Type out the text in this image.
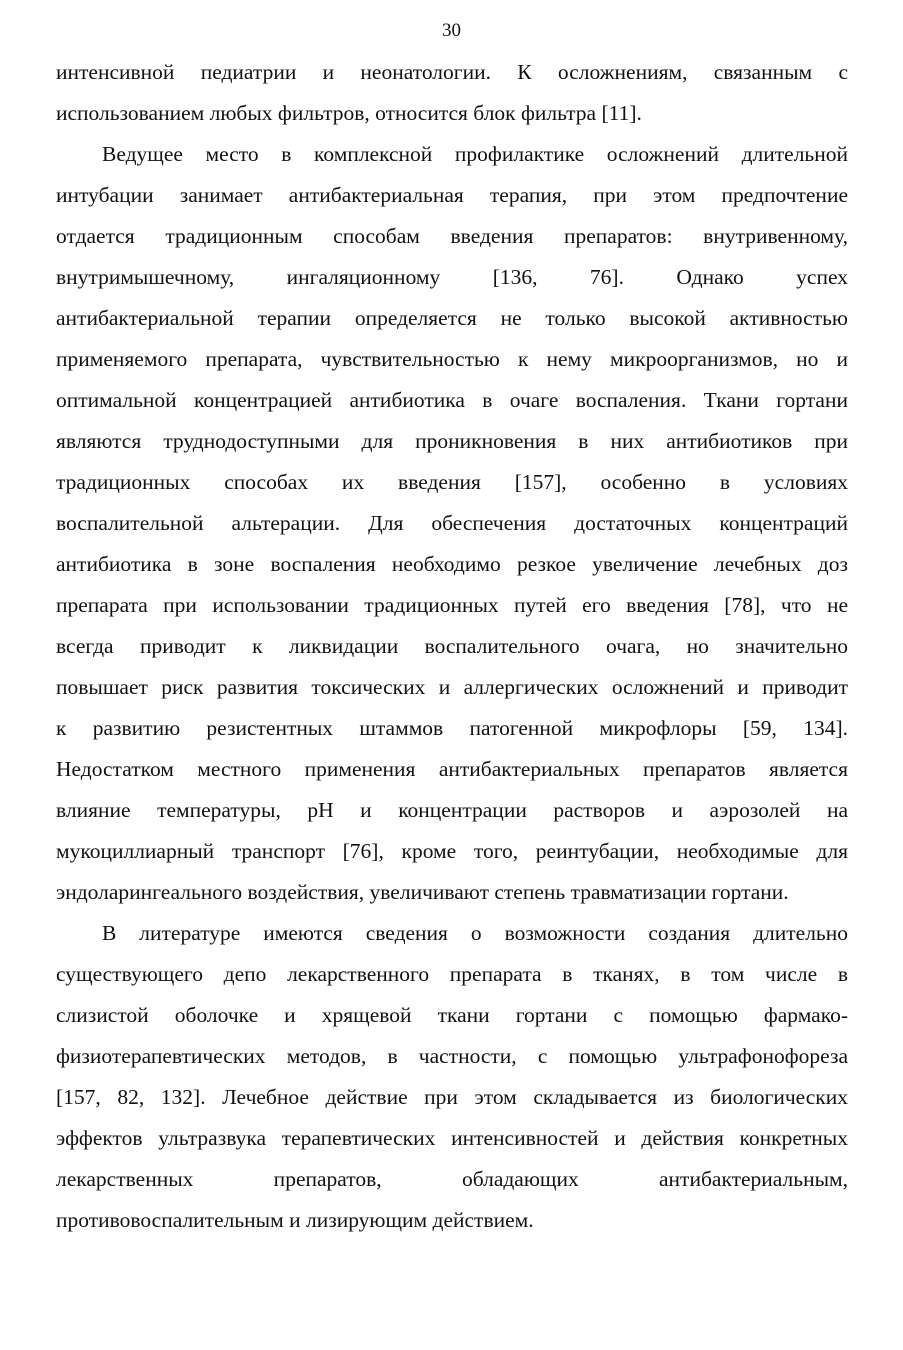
30
интенсивной педиатрии и неонатологии. К осложнениям, связанным с
использованием любых фильтров, относится блок фильтра [11].
Ведущее место в комплексной профилактике осложнений длительной
интубации занимает антибактериальная терапия, при этом предпочтение
отдается традиционным способам введения препаратов: внутривенному,
внутримышечному, ингаляционному [136, 76]. Однако успех
антибактериальной терапии определяется не только высокой активностью
применяемого препарата, чувствительностью к нему микроорганизмов, но и
оптимальной концентрацией антибиотика в очаге воспаления. Ткани гортани
являются труднодоступными для проникновения в них антибиотиков при
традиционных способах их введения [157], особенно в условиях
воспалительной альтерации. Для обеспечения достаточных концентраций
антибиотика в зоне воспаления необходимо резкое увеличение лечебных доз
препарата при использовании традиционных путей его введения [78], что не
всегда приводит к ликвидации воспалительного очага, но значительно
повышает риск развития токсических и аллергических осложнений и приводит
к развитию резистентных штаммов патогенной микрофлоры [59, 134].
Недостатком местного применения антибактериальных препаратов является
влияние температуры, pH и концентрации растворов и аэрозолей на
мукоциллиарный транспорт [76], кроме того, реинтубации, необходимые для
эндоларингеального воздействия, увеличивают степень травматизации гортани.
В литературе имеются сведения о возможности создания длительно
существующего депо лекарственного препарата в тканях, в том числе в
слизистой оболочке и хрящевой ткани гортани с помощью фармако-
физиотерапевтических методов, в частности, с помощью ультрафонофореза
[157, 82, 132]. Лечебное действие при этом складывается из биологических
эффектов ультразвука терапевтических интенсивностей и действия конкретных
лекарственных препаратов, обладающих антибактериальным,
противовоспалительным и лизирующим действием.
